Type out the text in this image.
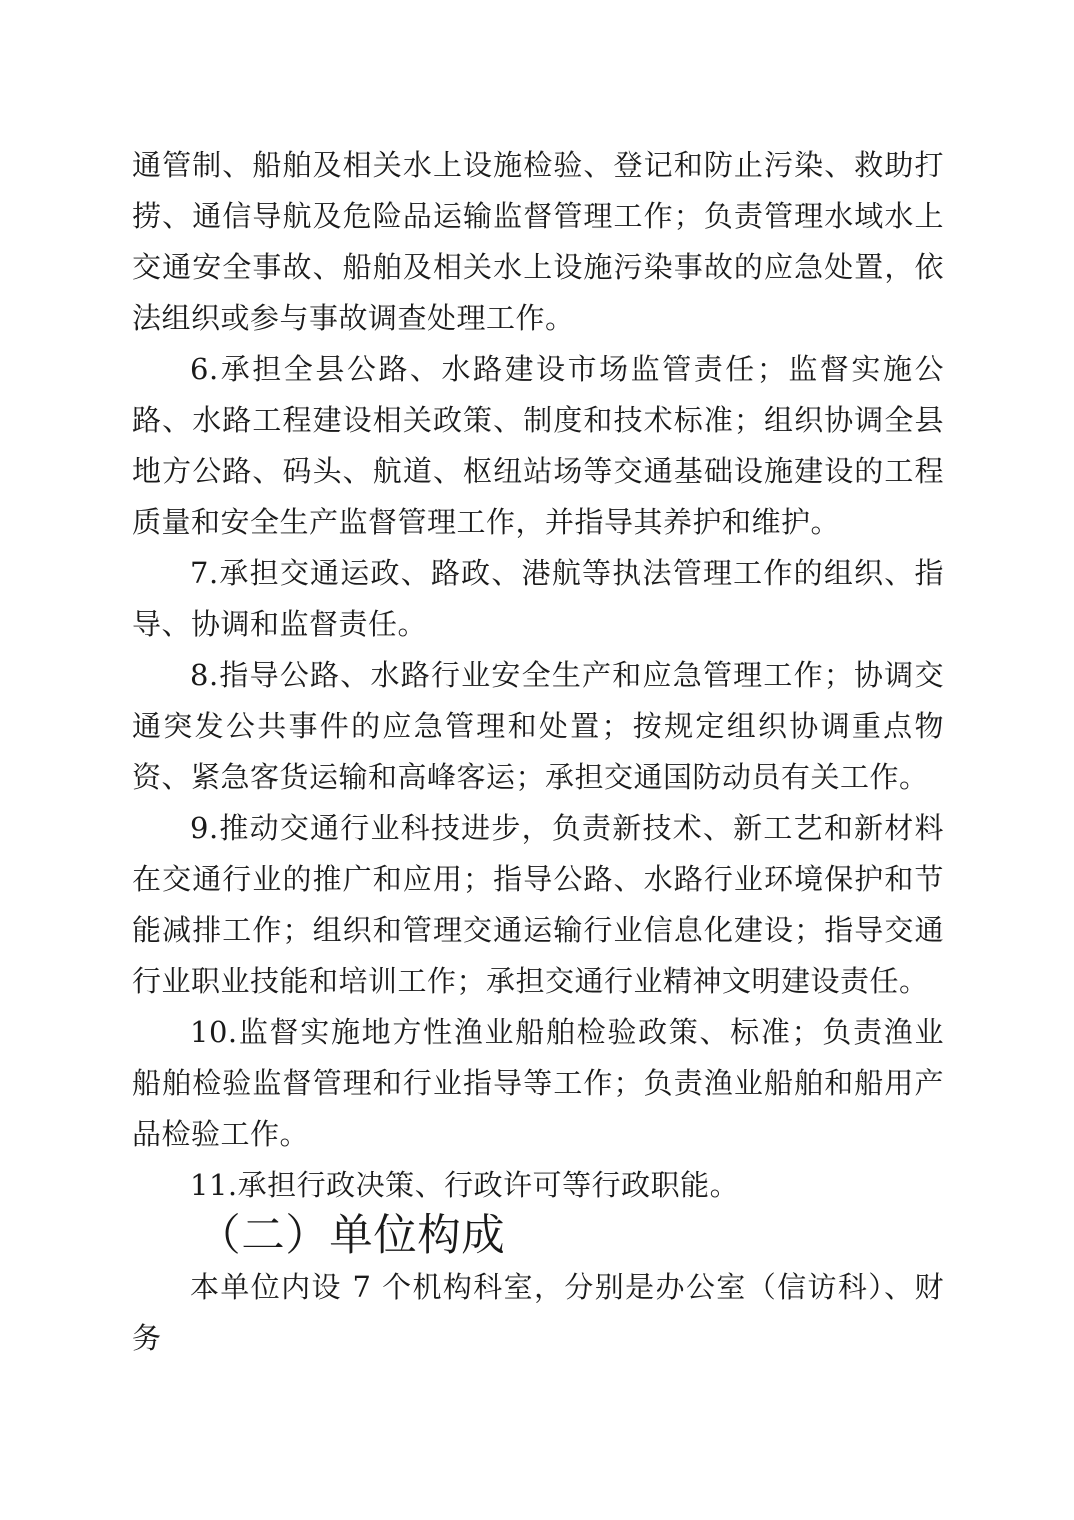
通管制、船舶及相关水上设施检验、登记和防止污染、救助打捞、通信导航及危险品运输监督管理工作；负责管理水域水上交通安全事故、船舶及相关水上设施污染事故的应急处置，依法组织或参与事故调查处理工作。

6.承担全县公路、水路建设市场监管责任；监督实施公路、水路工程建设相关政策、制度和技术标准；组织协调全县地方公路、码头、航道、枢纽站场等交通基础设施建设的工程质量和安全生产监督管理工作，并指导其养护和维护。

7.承担交通运政、路政、港航等执法管理工作的组织、指导、协调和监督责任。

8.指导公路、水路行业安全生产和应急管理工作；协调交通突发公共事件的应急管理和处置；按规定组织协调重点物资、紧急客货运输和高峰客运；承担交通国防动员有关工作。

9.推动交通行业科技进步，负责新技术、新工艺和新材料在交通行业的推广和应用；指导公路、水路行业环境保护和节能减排工作；组织和管理交通运输行业信息化建设；指导交通行业职业技能和培训工作；承担交通行业精神文明建设责任。

10.监督实施地方性渔业船舶检验政策、标准；负责渔业船舶检验监督管理和行业指导等工作；负责渔业船舶和船用产品检验工作。

11.承担行政决策、行政许可等行政职能。

（二）单位构成

本单位内设 7 个机构科室，分别是办公室（信访科）、财务
